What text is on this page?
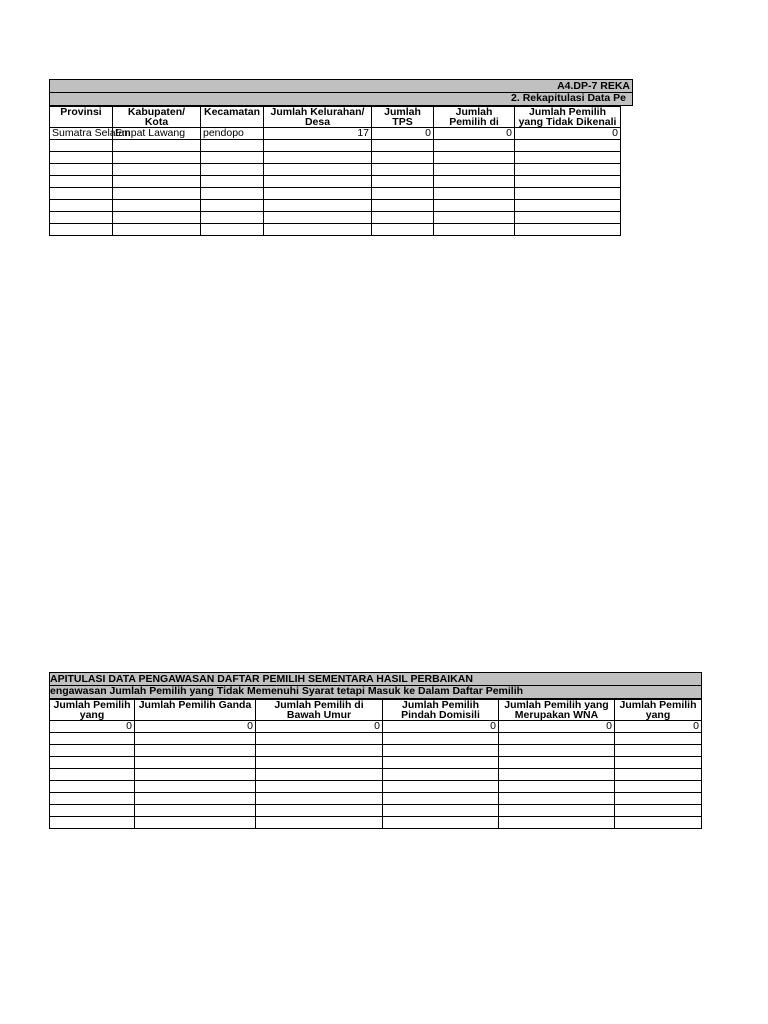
A4.DP-7 REKA
2. Rekapitulasi Data Pe
Provinsi	Kabupaten/ Kota	Kecamatan	Jumlah Kelurahan/ Desa	Jumlah TPS	Jumlah Pemilih di	Jumlah Pemilih yang Tidak Dikenali

Sumatra Selatan	Empat Lawang	pendopo	17	0	0	0

APITULASI DATA PENGAWASAN DAFTAR PEMILIH SEMENTARA HASIL PERBAIKAN
engawasan Jumlah Pemilih yang Tidak Memenuhi Syarat tetapi Masuk ke Dalam Daftar Pemilih
Jumlah Pemilih yang	Jumlah Pemilih Ganda	Jumlah Pemilih di Bawah Umur	Jumlah Pemilih Pindah Domisili	Jumlah Pemilih yang Merupakan WNA	Jumlah Pemilih yang

0	0	0	0	0	0
